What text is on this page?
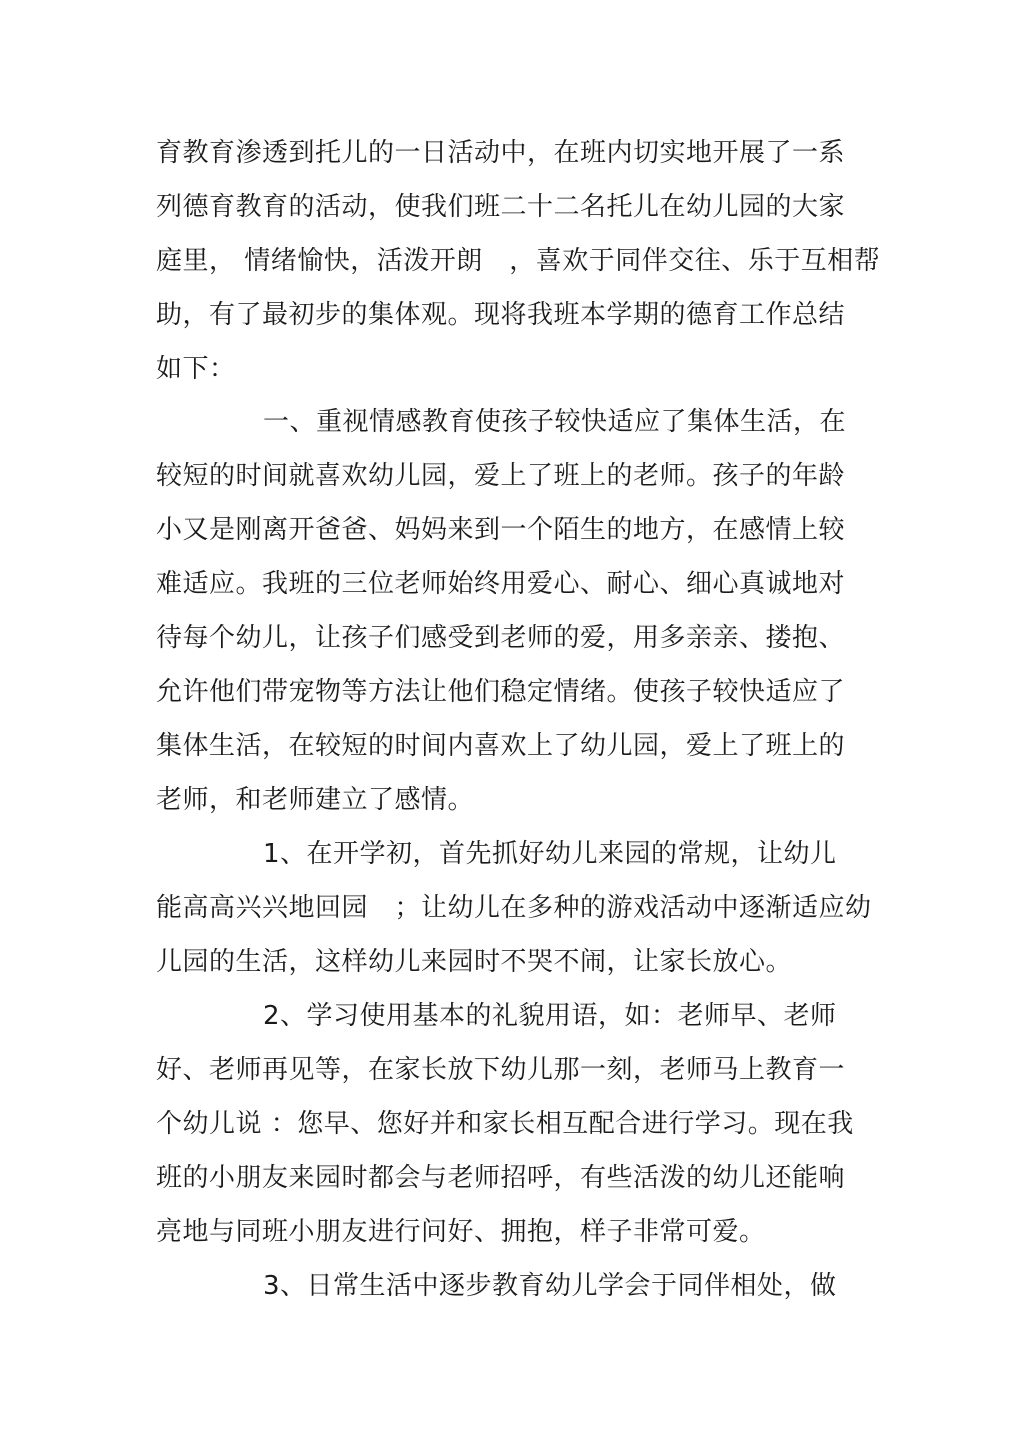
育教育渗透到托儿的一日活动中，在班内切实地开展了一系
列德育教育的活动，使我们班二十二名托儿在幼儿园的大家
庭里， 情绪愉快，活泼开朗　，喜欢于同伴交往、乐于互相帮
助，有了最初步的集体观。现将我班本学期的德育工作总结
如下：
一、重视情感教育使孩子较快适应了集体生活，在
较短的时间就喜欢幼儿园，爱上了班上的老师。孩子的年龄
小又是刚离开爸爸、妈妈来到一个陌生的地方，在感情上较
难适应。我班的三位老师始终用爱心、耐心、细心真诚地对
待每个幼儿，让孩子们感受到老师的爱，用多亲亲、搂抱、
允许他们带宠物等方法让他们稳定情绪。使孩子较快适应了
集体生活，在较短的时间内喜欢上了幼儿园，爱上了班上的
老师，和老师建立了感情。
1、在开学初，首先抓好幼儿来园的常规，让幼儿
能高高兴兴地回园　；让幼儿在多种的游戏活动中逐渐适应幼
儿园的生活，这样幼儿来园时不哭不闹，让家长放心。
2、学习使用基本的礼貌用语，如：老师早、老师
好、老师再见等，在家长放下幼儿那一刻，老师马上教育一
个幼儿说 ：您早、您好并和家长相互配合进行学习。现在我
班的小朋友来园时都会与老师招呼，有些活泼的幼儿还能响
亮地与同班小朋友进行问好、拥抱，样子非常可爱。
3、日常生活中逐步教育幼儿学会于同伴相处，做
